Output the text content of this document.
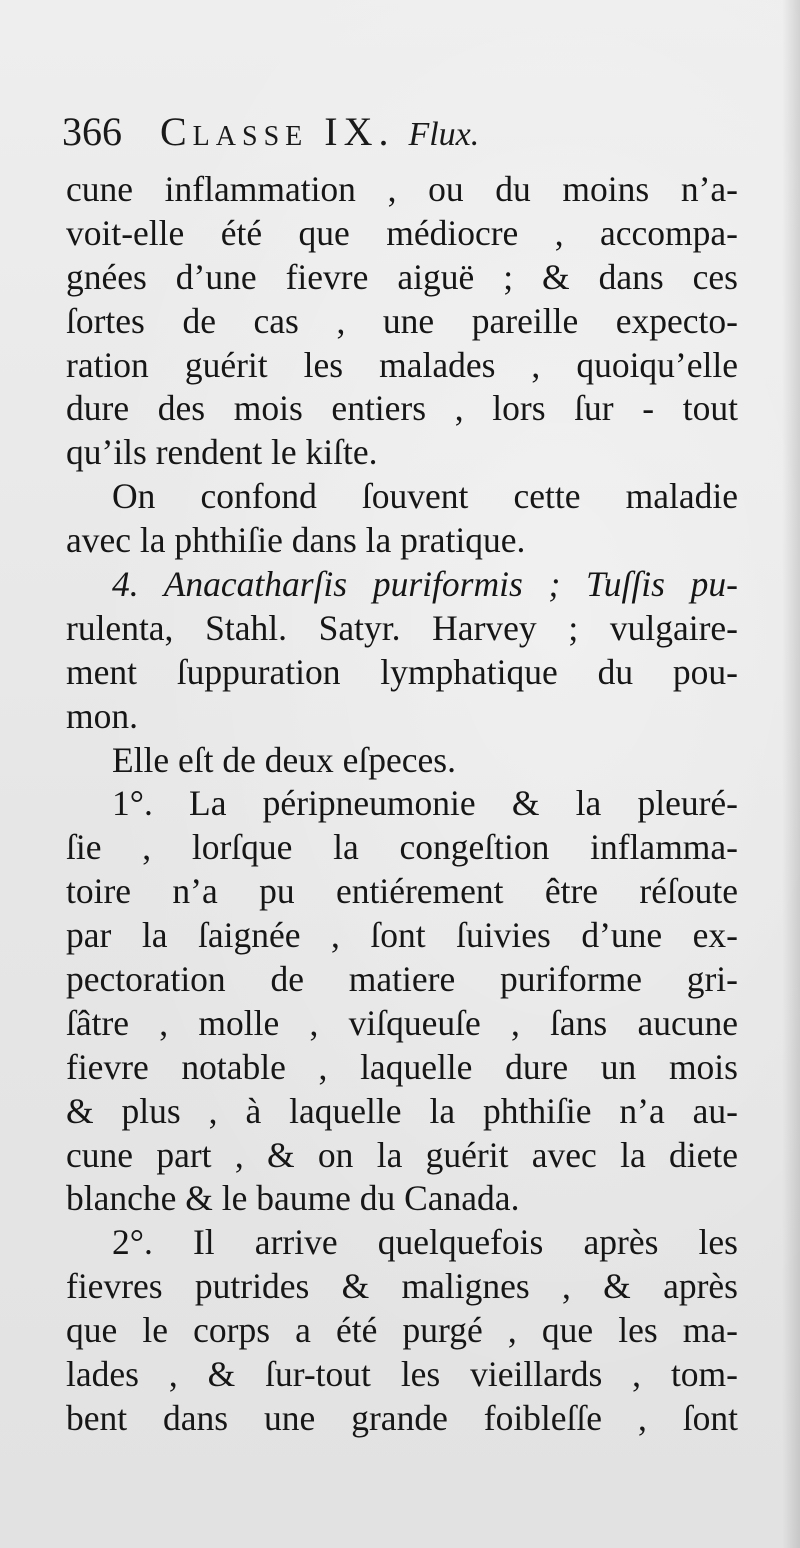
366 Classe IX. Flux.
cune inflammation , ou du moins n’a-
voit-elle été que médiocre , accompa-
gnées d’une fievre aiguë ; & dans ces
ſortes de cas , une pareille expecto-
ration guérit les malades , quoiqu’elle
dure des mois entiers , lors ſur - tout
qu’ils rendent le kiſte.
On confond ſouvent cette maladie
avec la phthiſie dans la pratique.
4. Anacatharſis puriformis ; Tuſſis pu-
rulenta, Stahl. Satyr. Harvey ; vulgaire-
ment ſuppuration lymphatique du pou-
mon.
Elle eſt de deux eſpeces.
1°. La péripneumonie & la pleuré-
ſie , lorſque la congeſtion inflamma-
toire n’a pu entiérement être réſoute
par la ſaignée , ſont ſuivies d’une ex-
pectoration de matiere puriforme gri-
ſâtre , molle , viſqueuſe , ſans aucune
fievre notable , laquelle dure un mois
& plus , à laquelle la phthiſie n’a au-
cune part , & on la guérit avec la diete
blanche & le baume du Canada.
2°. Il arrive quelquefois après les
fievres putrides & malignes , & après
que le corps a été purgé , que les ma-
lades , & ſur-tout les vieillards , tom-
bent dans une grande foibleſſe , ſont
